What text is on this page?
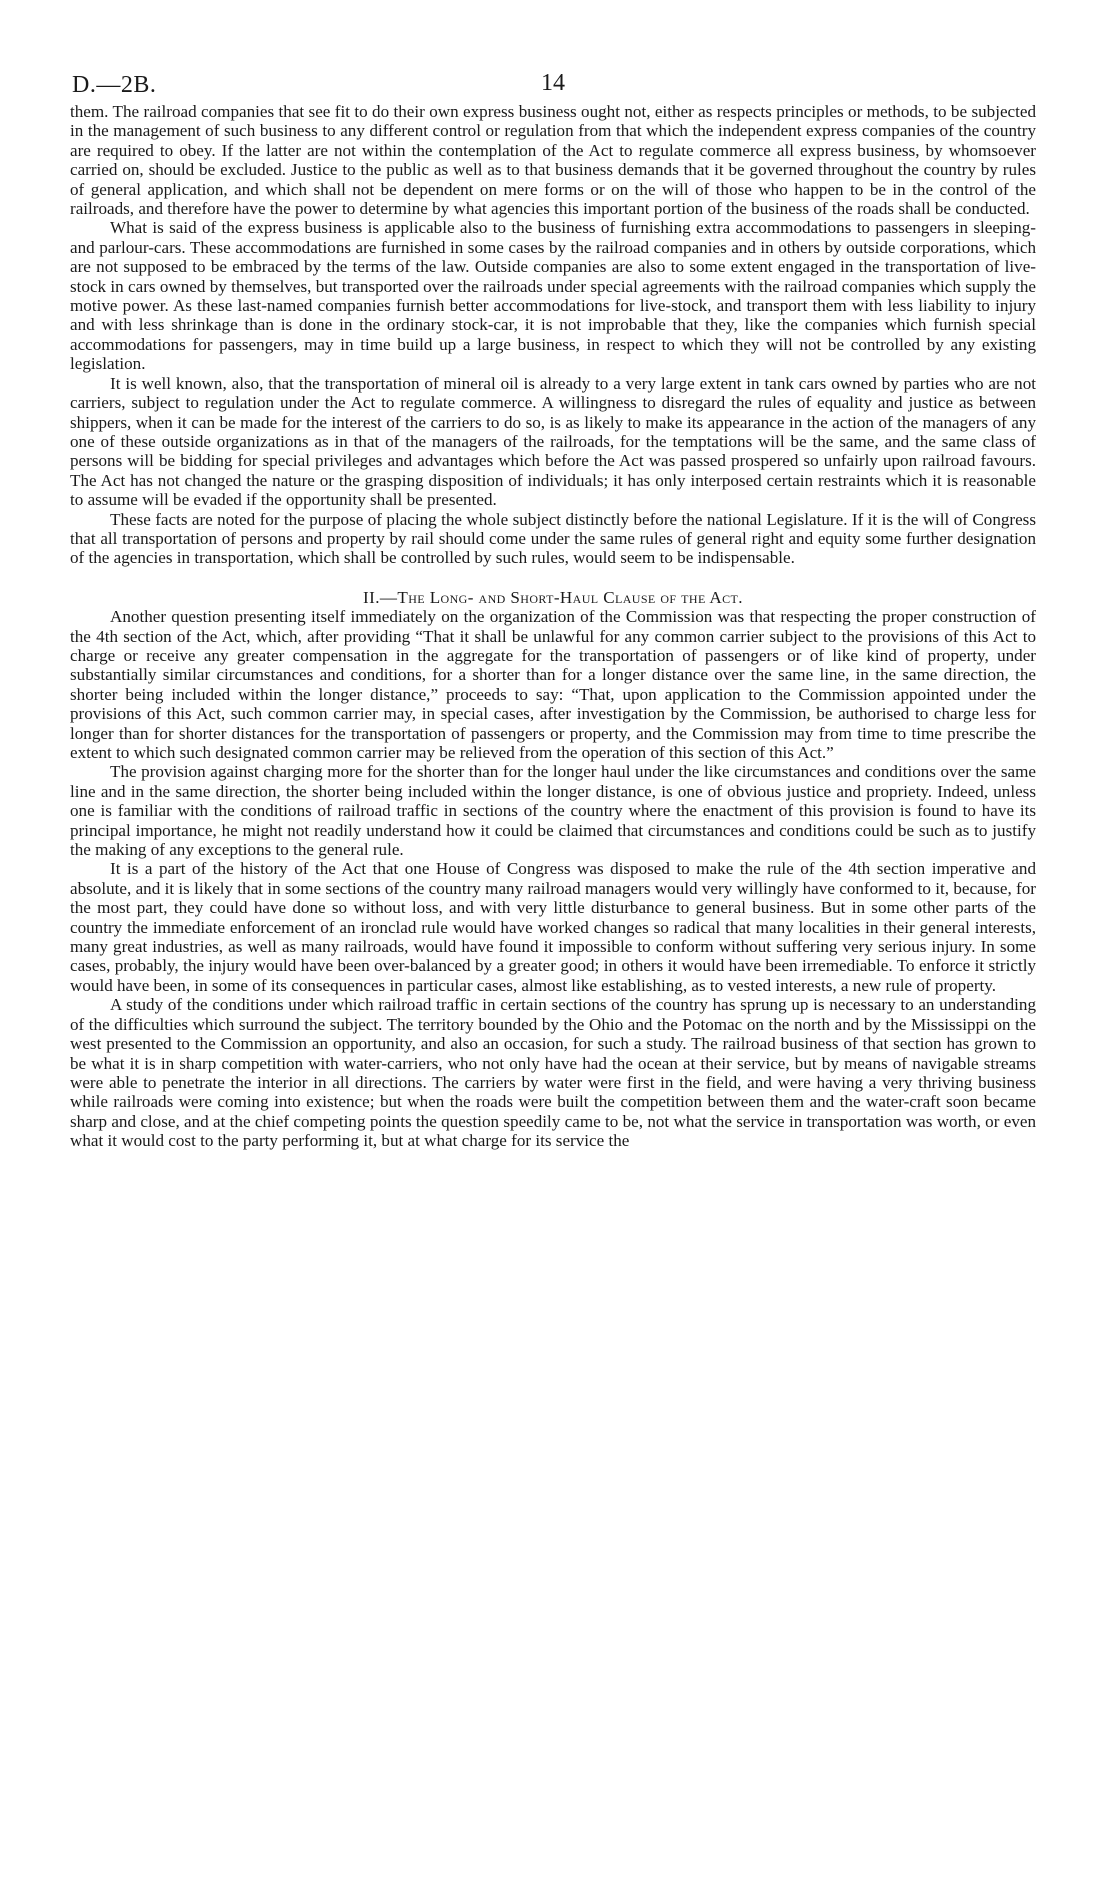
D.—2B.	14

them. The railroad companies that see fit to do their own express business ought not, either as respects principles or methods, to be subjected in the management of such business to any different control or regulation from that which the independent express companies of the country are required to obey. If the latter are not within the contemplation of the Act to regulate commerce all express business, by whomsoever carried on, should be excluded. Justice to the public as well as to that business demands that it be governed throughout the country by rules of general application, and which shall not be dependent on mere forms or on the will of those who happen to be in the control of the railroads, and therefore have the power to determine by what agencies this important portion of the business of the roads shall be conducted.

What is said of the express business is applicable also to the business of furnishing extra accommodations to passengers in sleeping- and parlour-cars. These accommodations are furnished in some cases by the railroad companies and in others by outside corporations, which are not supposed to be embraced by the terms of the law. Outside companies are also to some extent engaged in the transportation of live-stock in cars owned by themselves, but transported over the railroads under special agreements with the railroad companies which supply the motive power. As these last-named companies furnish better accommodations for live-stock, and transport them with less liability to injury and with less shrinkage than is done in the ordinary stock-car, it is not improbable that they, like the companies which furnish special accommodations for passengers, may in time build up a large business, in respect to which they will not be controlled by any existing legislation.

It is well known, also, that the transportation of mineral oil is already to a very large extent in tank cars owned by parties who are not carriers, subject to regulation under the Act to regulate commerce. A willingness to disregard the rules of equality and justice as between shippers, when it can be made for the interest of the carriers to do so, is as likely to make its appearance in the action of the managers of any one of these outside organizations as in that of the managers of the railroads, for the temptations will be the same, and the same class of persons will be bidding for special privileges and advantages which before the Act was passed prospered so unfairly upon railroad favours. The Act has not changed the nature or the grasping disposition of individuals; it has only interposed certain restraints which it is reasonable to assume will be evaded if the opportunity shall be presented.

These facts are noted for the purpose of placing the whole subject distinctly before the national Legislature. If it is the will of Congress that all transportation of persons and property by rail should come under the same rules of general right and equity some further designation of the agencies in transportation, which shall be controlled by such rules, would seem to be indispensable.

II.—The Long- and Short-Haul Clause of the Act.

Another question presenting itself immediately on the organization of the Commission was that respecting the proper construction of the 4th section of the Act, which, after providing “That it shall be unlawful for any common carrier subject to the provisions of this Act to charge or receive any greater compensation in the aggregate for the transportation of passengers or of like kind of property, under substantially similar circumstances and conditions, for a shorter than for a longer distance over the same line, in the same direction, the shorter being included within the longer distance,” proceeds to say: “That, upon application to the Commission appointed under the provisions of this Act, such common carrier may, in special cases, after investigation by the Commission, be authorised to charge less for longer than for shorter distances for the transportation of passengers or property, and the Commission may from time to time prescribe the extent to which such designated common carrier may be relieved from the operation of this section of this Act.”

The provision against charging more for the shorter than for the longer haul under the like circumstances and conditions over the same line and in the same direction, the shorter being included within the longer distance, is one of obvious justice and propriety. Indeed, unless one is familiar with the conditions of railroad traffic in sections of the country where the enactment of this provision is found to have its principal importance, he might not readily understand how it could be claimed that circumstances and conditions could be such as to justify the making of any exceptions to the general rule.

It is a part of the history of the Act that one House of Congress was disposed to make the rule of the 4th section imperative and absolute, and it is likely that in some sections of the country many railroad managers would very willingly have conformed to it, because, for the most part, they could have done so without loss, and with very little disturbance to general business. But in some other parts of the country the immediate enforcement of an ironclad rule would have worked changes so radical that many localities in their general interests, many great industries, as well as many railroads, would have found it impossible to conform without suffering very serious injury. In some cases, probably, the injury would have been over-balanced by a greater good; in others it would have been irremediable. To enforce it strictly would have been, in some of its consequences in particular cases, almost like establishing, as to vested interests, a new rule of property.

A study of the conditions under which railroad traffic in certain sections of the country has sprung up is necessary to an understanding of the difficulties which surround the subject. The territory bounded by the Ohio and the Potomac on the north and by the Mississippi on the west presented to the Commission an opportunity, and also an occasion, for such a study. The railroad business of that section has grown to be what it is in sharp competition with water-carriers, who not only have had the ocean at their service, but by means of navigable streams were able to penetrate the interior in all directions. The carriers by water were first in the field, and were having a very thriving business while railroads were coming into existence; but when the roads were built the competition between them and the water-craft soon became sharp and close, and at the chief competing points the question speedily came to be, not what the service in transportation was worth, or even what it would cost to the party performing it, but at what charge for its service the
